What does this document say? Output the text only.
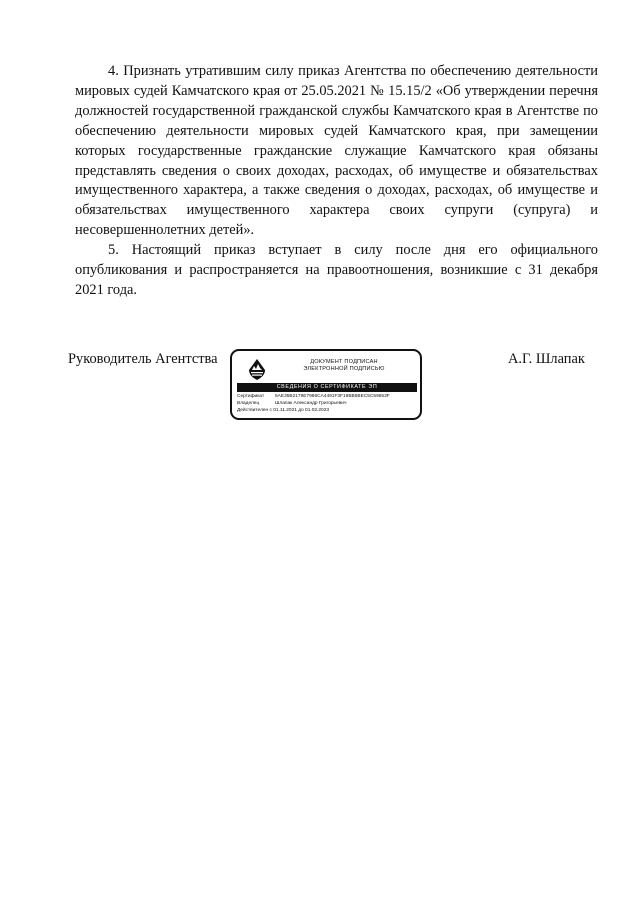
4. Признать утратившим силу приказ Агентства по обеспечению деятельности мировых судей Камчатского края от 25.05.2021 № 15.15/2 «Об утверждении перечня должностей государственной гражданской службы Камчатского края в Агентстве по обеспечению деятельности мировых судей Камчатского края, при замещении которых государственные гражданские служащие Камчатского края обязаны представлять сведения о своих доходах, расходах, об имуществе и обязательствах имущественного характера, а также сведения о доходах, расходах, об имуществе и обязательствах имущественного характера своих супруги (супруга) и несовершеннолетних детей».

5. Настоящий приказ вступает в силу после дня его официального опубликования и распространяется на правоотношения, возникшие с 31 декабря 2021 года.

Руководитель Агентства	ДОКУМЕНТ ПОДПИСАН
ЭЛЕКТРОННОЙ ПОДПИСЬЮ
СВЕДЕНИЯ О СЕРТИФИКАТЕ ЭП
Сертификат 5AE35B2179E7986CA4491F3F19BB5BEC5C59653F
Владелец	Шлапак Александр Григорьевич
Действителен с 01.11.2021 до 01.02.2023
А.Г. Шлапак
